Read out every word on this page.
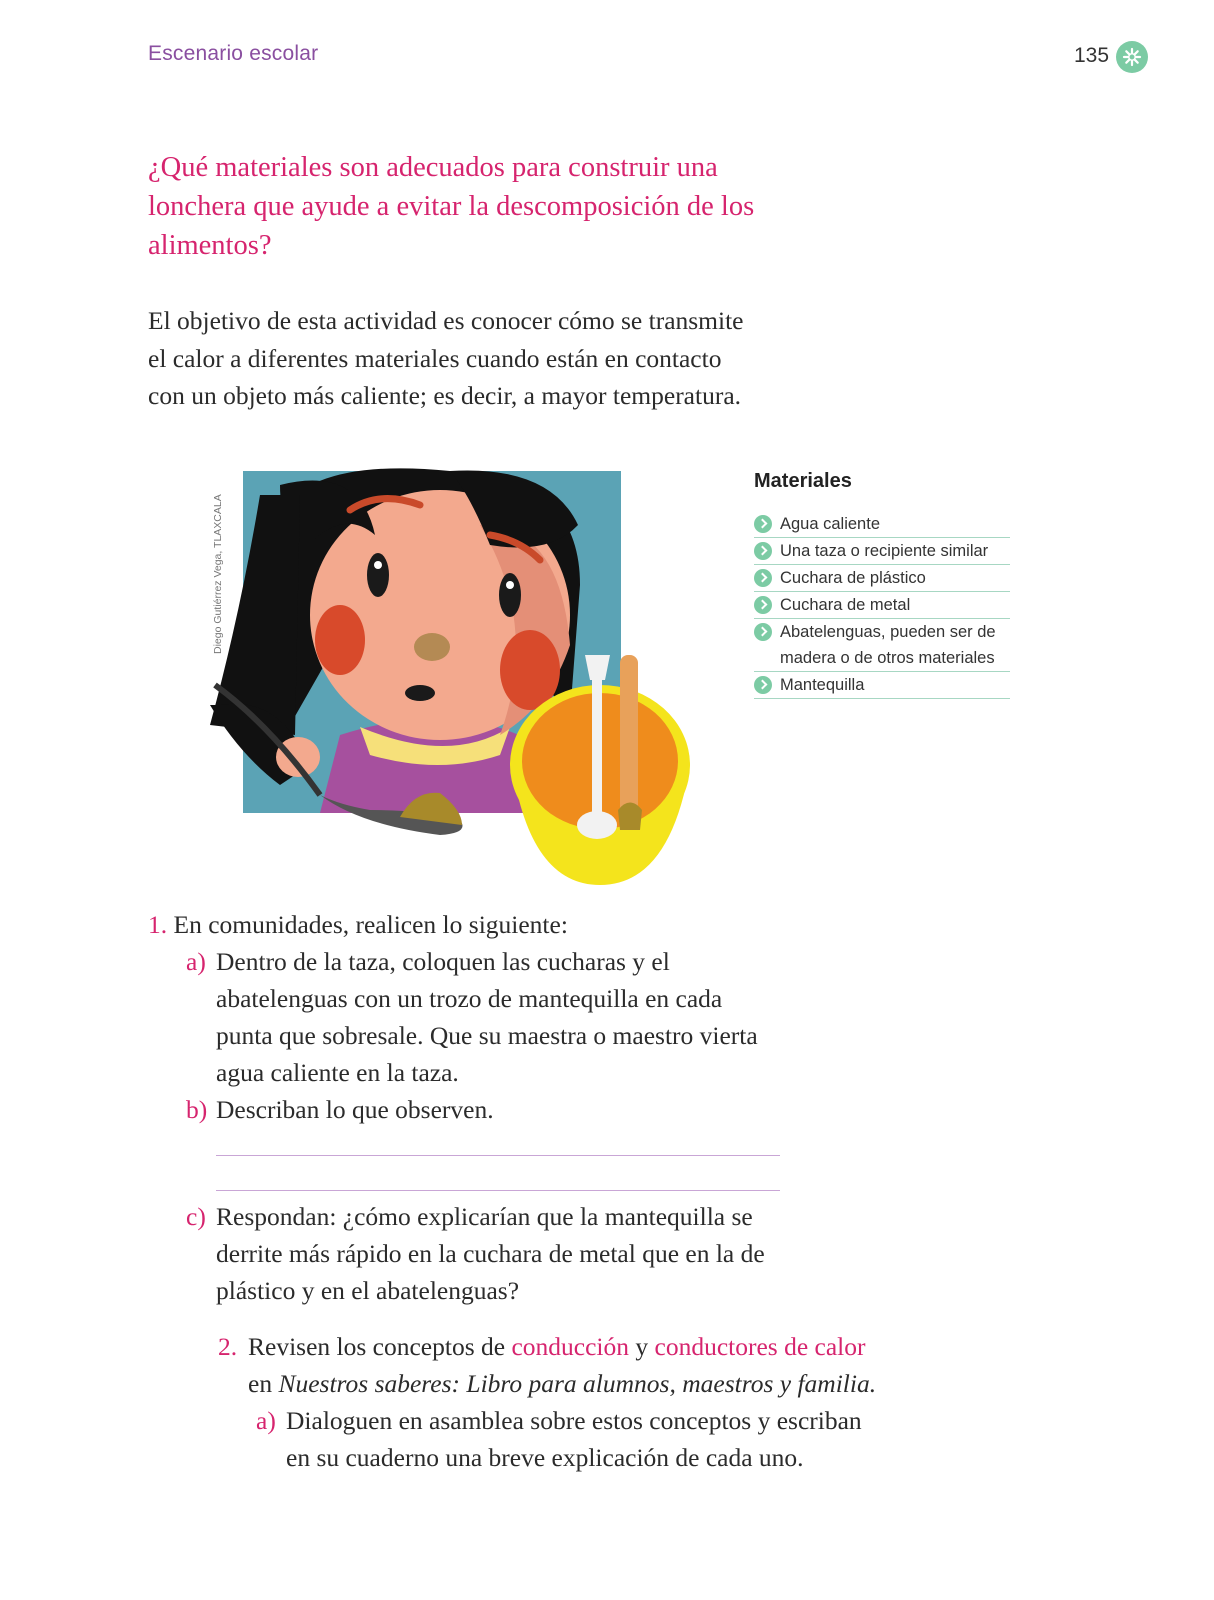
Escenario escolar	135
¿Qué materiales son adecuados para construir una lonchera que ayude a evitar la descomposición de los alimentos?
El objetivo de esta actividad es conocer cómo se transmite el calor a diferentes materiales cuando están en contacto con un objeto más caliente; es decir, a mayor temperatura.
Diego Gutiérrez Vega, TLAXCALA
Materiales
Agua caliente
Una taza o recipiente similar
Cuchara de plástico
Cuchara de metal
Abatelenguas, pueden ser de madera o de otros materiales
Mantequilla
1. En comunidades, realicen lo siguiente:
a) Dentro de la taza, coloquen las cucharas y el abatelenguas con un trozo de mantequilla en cada punta que sobresale. Que su maestra o maestro vierta agua caliente en la taza.
b) Describan lo que observen.
c) Respondan: ¿cómo explicarían que la mantequilla se derrite más rápido en la cuchara de metal que en la de plástico y en el abatelenguas?
2. Revisen los conceptos de conducción y conductores de calor
en Nuestros saberes: Libro para alumnos, maestros y familia.
a) Dialoguen en asamblea sobre estos conceptos y escriban en su cuaderno una breve explicación de cada uno.
